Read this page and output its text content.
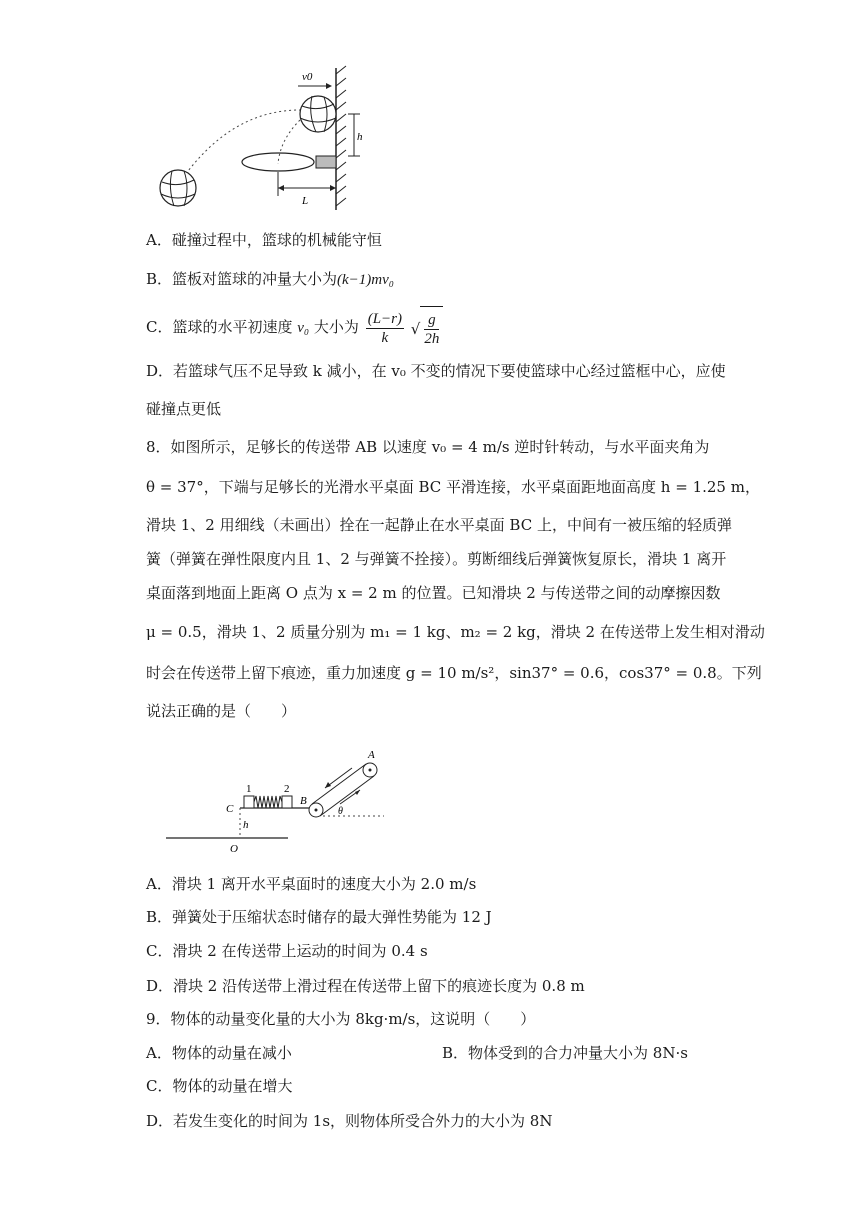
v0
h
L
A．碰撞过程中，篮球的机械能守恒
B．篮板对篮球的冲量大小为(k−1)mv₀
C．篮球的水平初速度 v₀ 大小为 $\frac{(L-r)}{k}$ √ $\frac{g}{2h}$
D．若篮球气压不足导致 k 减小，在 v₀ 不变的情况下要使篮球中心经过篮框中心，应使
碰撞点更低
8．如图所示，足够长的传送带 AB 以速度 v₀ = 4 m/s 逆时针转动，与水平面夹角为
θ = 37°，下端与足够长的光滑水平桌面 BC 平滑连接，水平桌面距地面高度 h = 1.25 m，
滑块 1、2 用细线（未画出）拴在一起静止在水平桌面 BC 上，中间有一被压缩的轻质弹
簧（弹簧在弹性限度内且 1、2 与弹簧不拴接）。剪断细线后弹簧恢复原长，滑块 1 离开
桌面落到地面上距离 O 点为 x = 2 m 的位置。已知滑块 2 与传送带之间的动摩擦因数
μ = 0.5，滑块 1、2 质量分别为 m₁ = 1 kg、m₂ = 2 kg，滑块 2 在传送带上发生相对滑动
时会在传送带上留下痕迹，重力加速度 g = 10 m/s²，sin37° = 0.6，cos37° = 0.8。下列
说法正确的是（　　）
C
h
O
1	2
B
A
θ
A．滑块 1 离开水平桌面时的速度大小为 2.0 m/s
B．弹簧处于压缩状态时储存的最大弹性势能为 12 J
C．滑块 2 在传送带上运动的时间为 0.4 s
D．滑块 2 沿传送带上滑过程在传送带上留下的痕迹长度为 0.8 m
9．物体的动量变化量的大小为 8kg·m/s，这说明（　　）
A．物体的动量在减小	B．物体受到的合力冲量大小为 8N·s
C．物体的动量在增大
D．若发生变化的时间为 1s，则物体所受合外力的大小为 8N
